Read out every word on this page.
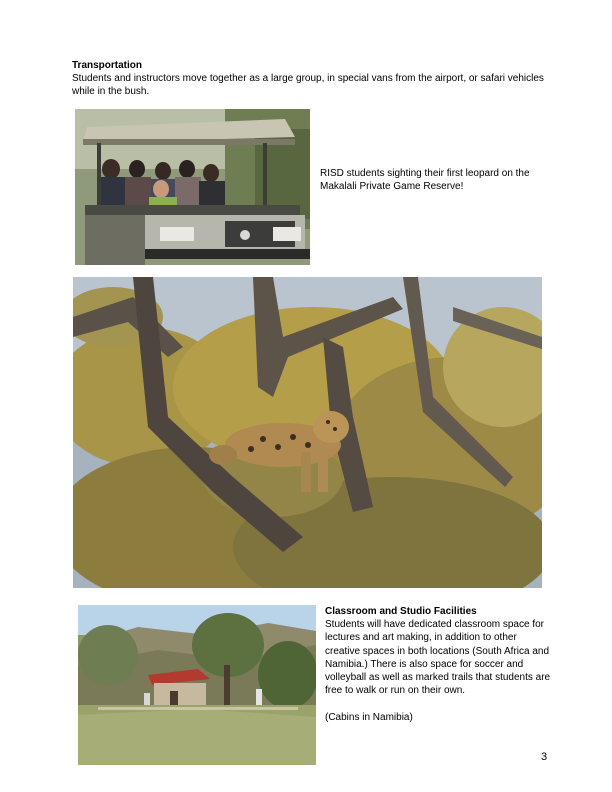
Transportation
Students and instructors move together as a large group, in special vans from the airport, or safari vehicles while in the bush.
RISD students sighting their first leopard on the Makalali Private Game Reserve!
Classroom and Studio Facilities
Students will have dedicated classroom space for lectures and art making, in addition to other creative spaces in both locations (South Africa and Namibia.) There is also space for soccer and volleyball as well as marked trails that students are free to walk or run on their own.
(Cabins in Namibia)
3
